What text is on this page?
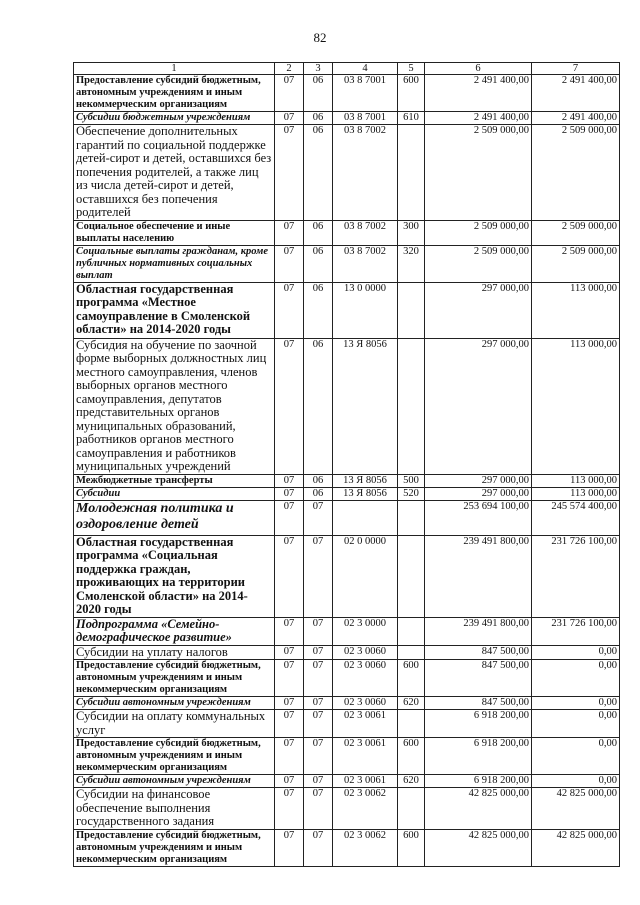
82
1	2	3	4	5	6	7
Предоставление субсидий бюджетным, автономным учреждениям и иным некоммерческим организациям	07	06	03 8 7001	600	2 491 400,00	2 491 400,00
Субсидии бюджетным учреждениям	07	06	03 8 7001	610	2 491 400,00	2 491 400,00
Обеспечение дополнительных гарантий по социальной поддержке детей-сирот и детей, оставшихся без попечения родителей, а также лиц из числа детей-сирот и детей, оставшихся без попечения родителей	07	06	03 8 7002		2 509 000,00	2 509 000,00
Социальное обеспечение и иные выплаты населению	07	06	03 8 7002	300	2 509 000,00	2 509 000,00
Социальные выплаты гражданам, кроме публичных нормативных социальных выплат	07	06	03 8 7002	320	2 509 000,00	2 509 000,00
Областная государственная программа «Местное самоуправление в Смоленской области» на 2014-2020 годы	07	06	13 0 0000		297 000,00	113 000,00
Субсидия на обучение по заочной форме выборных должностных лиц местного самоуправления, членов выборных органов местного самоуправления, депутатов представительных органов муниципальных образований, работников органов местного самоуправления и работников муниципальных учреждений	07	06	13 Я 8056		297 000,00	113 000,00
Межбюджетные трансферты	07	06	13 Я 8056	500	297 000,00	113 000,00
Субсидии	07	06	13 Я 8056	520	297 000,00	113 000,00
Молодежная политика и оздоровление детей	07	07			253 694 100,00	245 574 400,00
Областная государственная программа «Социальная поддержка граждан, проживающих на территории Смоленской области» на 2014-2020 годы	07	07	02 0 0000		239 491 800,00	231 726 100,00
Подпрограмма «Семейно-демографическое развитие»	07	07	02 3 0000		239 491 800,00	231 726 100,00
Субсидии на уплату налогов	07	07	02 3 0060		847 500,00	0,00
Предоставление субсидий бюджетным, автономным учреждениям и иным некоммерческим организациям	07	07	02 3 0060	600	847 500,00	0,00
Субсидии автономным учреждениям	07	07	02 3 0060	620	847 500,00	0,00
Субсидии на оплату коммунальных услуг	07	07	02 3 0061		6 918 200,00	0,00
Предоставление субсидий бюджетным, автономным учреждениям и иным некоммерческим организациям	07	07	02 3 0061	600	6 918 200,00	0,00
Субсидии автономным учреждениям	07	07	02 3 0061	620	6 918 200,00	0,00
Субсидии на финансовое обеспечение выполнения государственного задания	07	07	02 3 0062		42 825 000,00	42 825 000,00
Предоставление субсидий бюджетным, автономным учреждениям и иным некоммерческим организациям	07	07	02 3 0062	600	42 825 000,00	42 825 000,00
